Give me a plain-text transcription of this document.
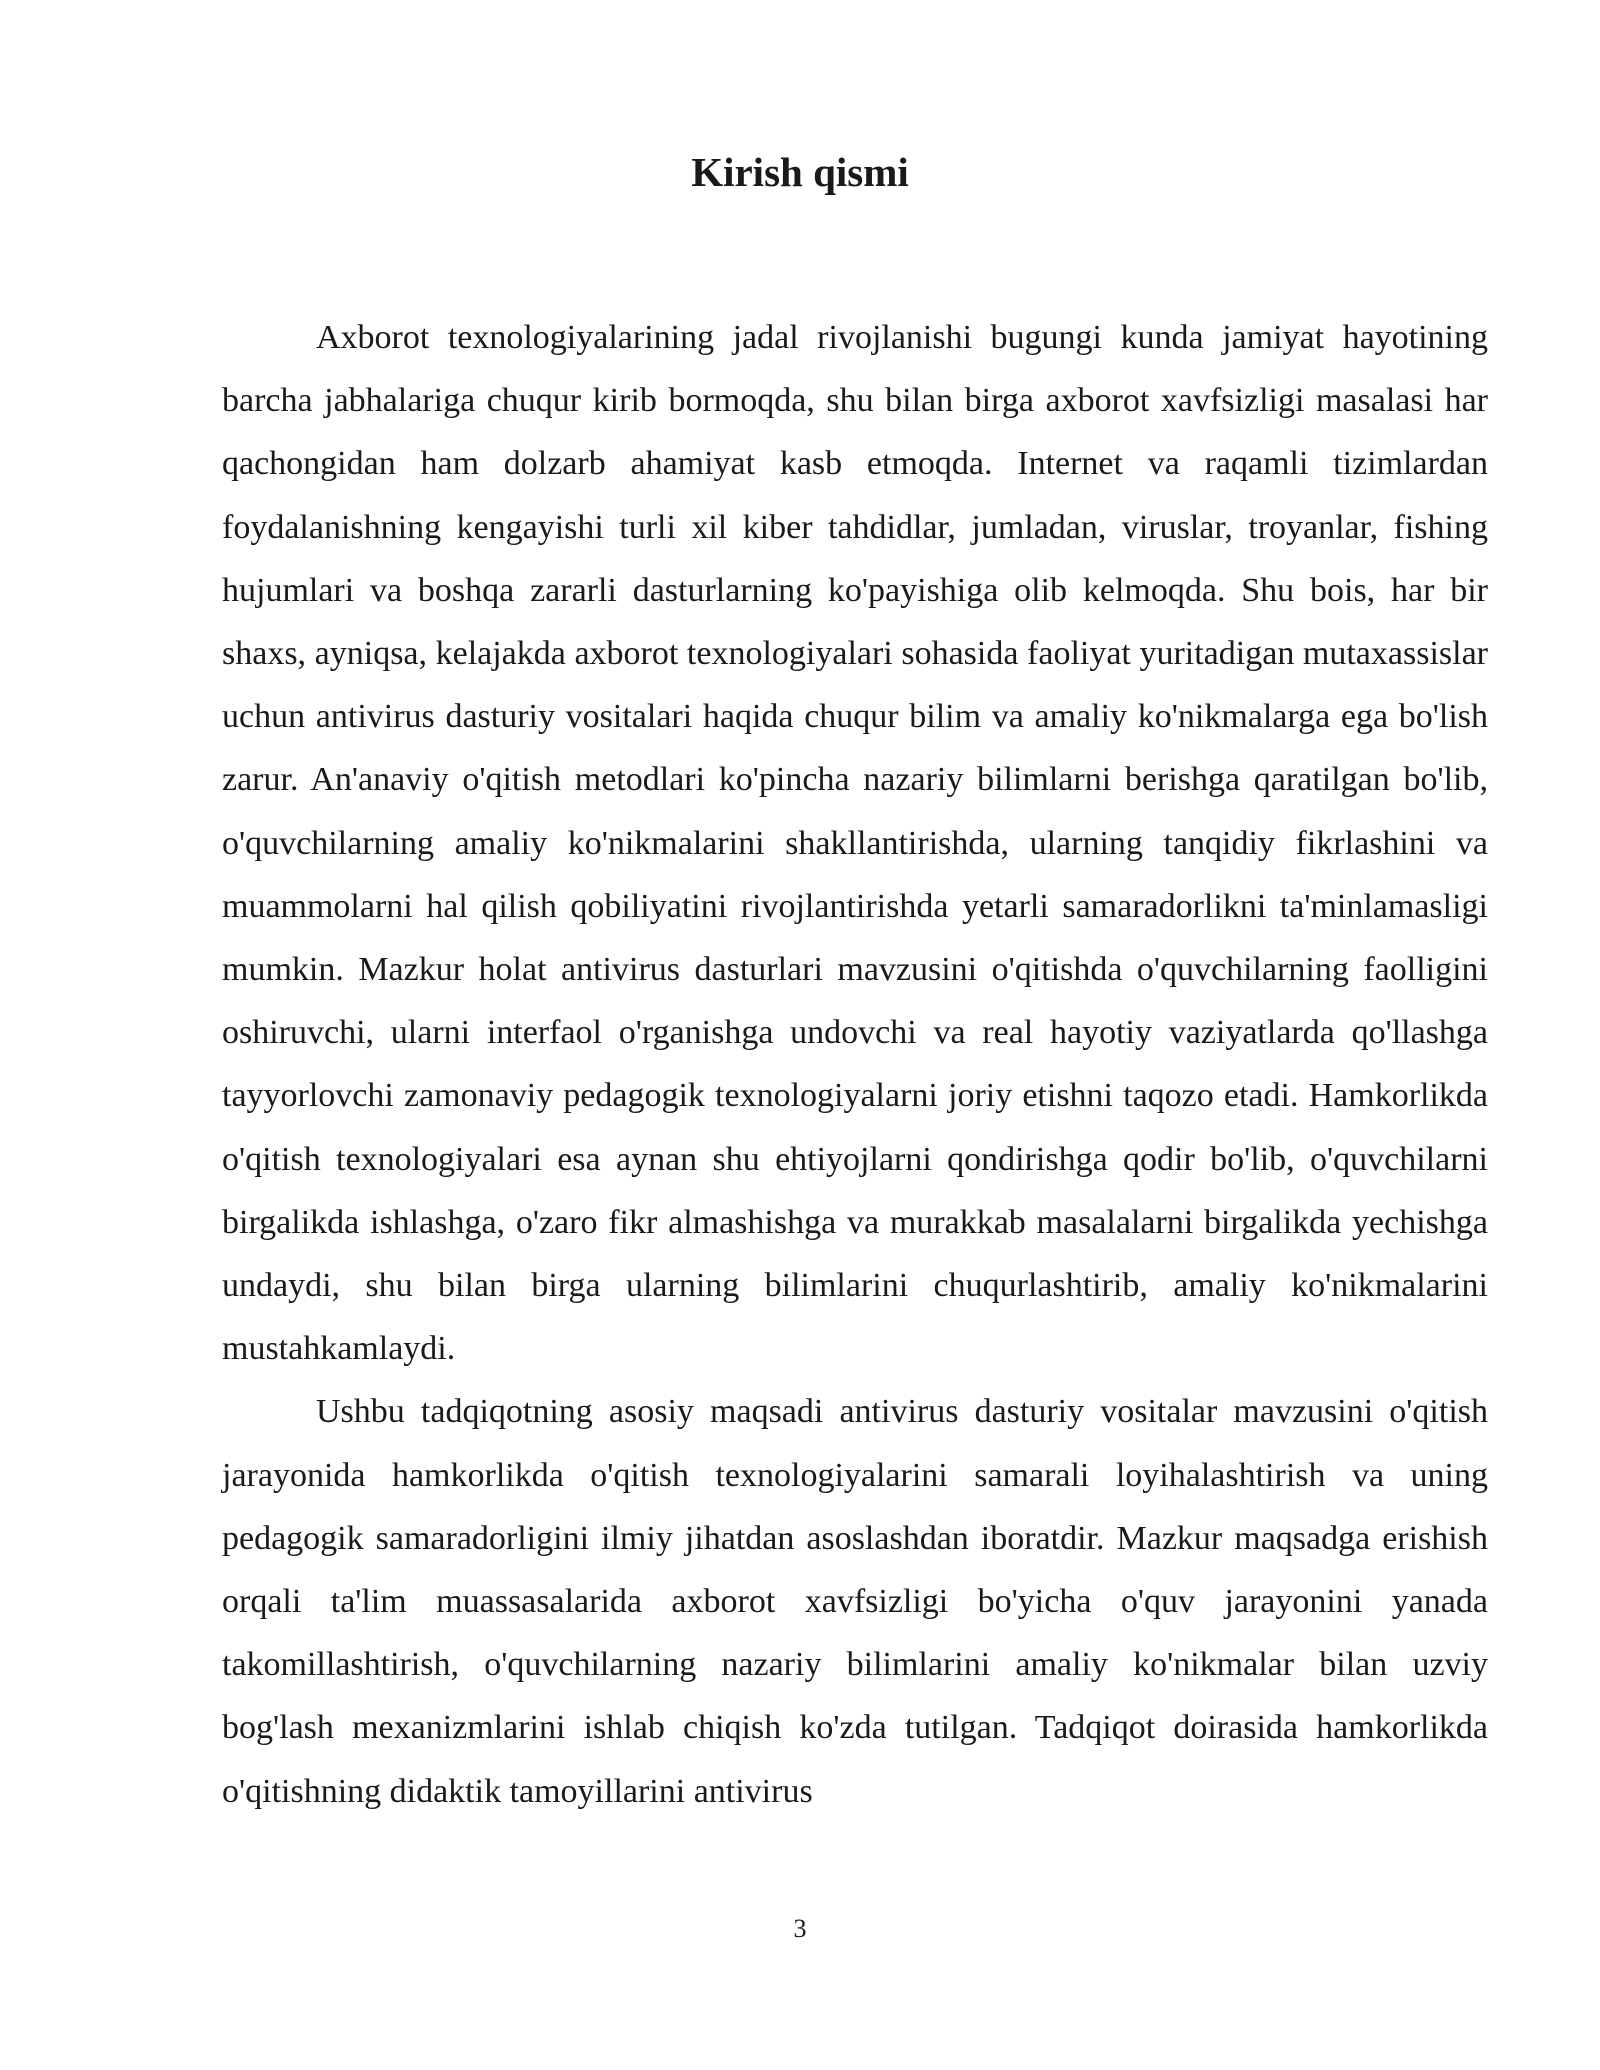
Kirish qismi

Axborot texnologiyalarining jadal rivojlanishi bugungi kunda jamiyat hayotining barcha jabhalariga chuqur kirib bormoqda, shu bilan birga axborot xavfsizligi masalasi har qachongidan ham dolzarb ahamiyat kasb etmoqda. Internet va raqamli tizimlardan foydalanishning kengayishi turli xil kiber tahdidlar, jumladan, viruslar, troyanlar, fishing hujumlari va boshqa zararli dasturlarning ko'payishiga olib kelmoqda. Shu bois, har bir shaxs, ayniqsa, kelajakda axborot texnologiyalari sohasida faoliyat yuritadigan mutaxassislar uchun antivirus dasturiy vositalari haqida chuqur bilim va amaliy ko'nikmalarga ega bo'lish zarur. An'anaviy o'qitish metodlari ko'pincha nazariy bilimlarni berishga qaratilgan bo'lib, o'quvchilarning amaliy ko'nikmalarini shakllantirishda, ularning tanqidiy fikrlashini va muammolarni hal qilish qobiliyatini rivojlantirishda yetarli samaradorlikni ta'minlamasligi mumkin. Mazkur holat antivirus dasturlari mavzusini o'qitishda o'quvchilarning faolligini oshiruvchi, ularni interfaol o'rganishga undovchi va real hayotiy vaziyatlarda qo'llashga tayyorlovchi zamonaviy pedagogik texnologiyalarni joriy etishni taqozo etadi. Hamkorlikda o'qitish texnologiyalari esa aynan shu ehtiyojlarni qondirishga qodir bo'lib, o'quvchilarni birgalikda ishlashga, o'zaro fikr almashishga va murakkab masalalarni birgalikda yechishga undaydi, shu bilan birga ularning bilimlarini chuqurlashtirib, amaliy ko'nikmalarini mustahkamlaydi.

Ushbu tadqiqotning asosiy maqsadi antivirus dasturiy vositalar mavzusini o'qitish jarayonida hamkorlikda o'qitish texnologiyalarini samarali loyihalashtirish va uning pedagogik samaradorligini ilmiy jihatdan asoslashdan iboratdir. Mazkur maqsadga erishish orqali ta'lim muassasalarida axborot xavfsizligi bo'yicha o'quv jarayonini yanada takomillashtirish, o'quvchilarning nazariy bilimlarini amaliy ko'nikmalar bilan uzviy bog'lash mexanizmlarini ishlab chiqish ko'zda tutilgan. Tadqiqot doirasida hamkorlikda o'qitishning didaktik tamoyillarini antivirus

3
